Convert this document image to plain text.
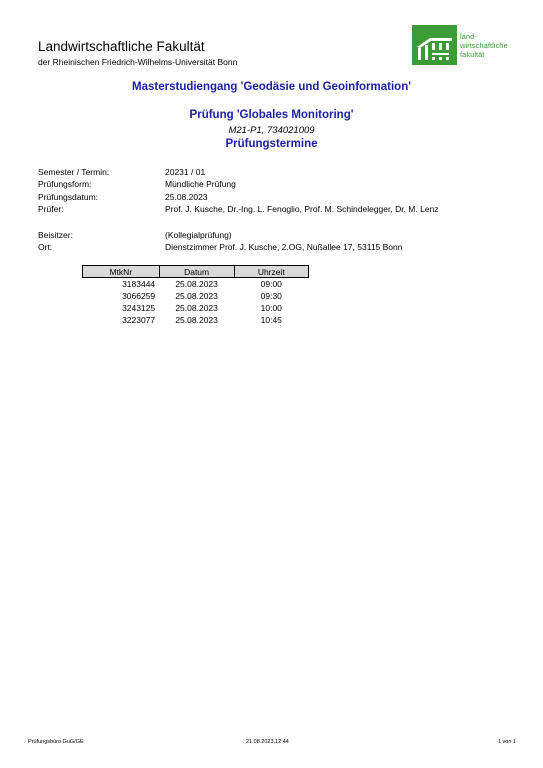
Landwirtschaftliche Fakultät
der Rheinischen Friedrich-Wilhelms-Universität Bonn
land-
wirtschaftliche
fakultät
Masterstudiengang 'Geodäsie und Geoinformation'
Prüfung 'Globales Monitoring'
M21-P1, 734021009
Prüfungstermine
Semester / Termin:	20231 / 01
Prüfungsform:	Mündliche Prüfung
Prüfungsdatum:	25.08.2023
Prüfer:	Prof. J. Kusche, Dr.-Ing. L. Fenoglio, Prof. M. Schindelegger, Dr. M. Lenz
Beisitzer:	(Kollegialprüfung)
Ort:	Dienstzimmer Prof. J. Kusche, 2.OG, Nußallee 17, 53115 Bonn
MtkNr	Datum	Uhrzeit
3183444	25.08.2023	09:00
3066259	25.08.2023	09:30
3243125	25.08.2023	10:00
3223077	25.08.2023	10:45
Prüfungsbüro GuG/GE	21.08.2023,12:44	1 von 1
